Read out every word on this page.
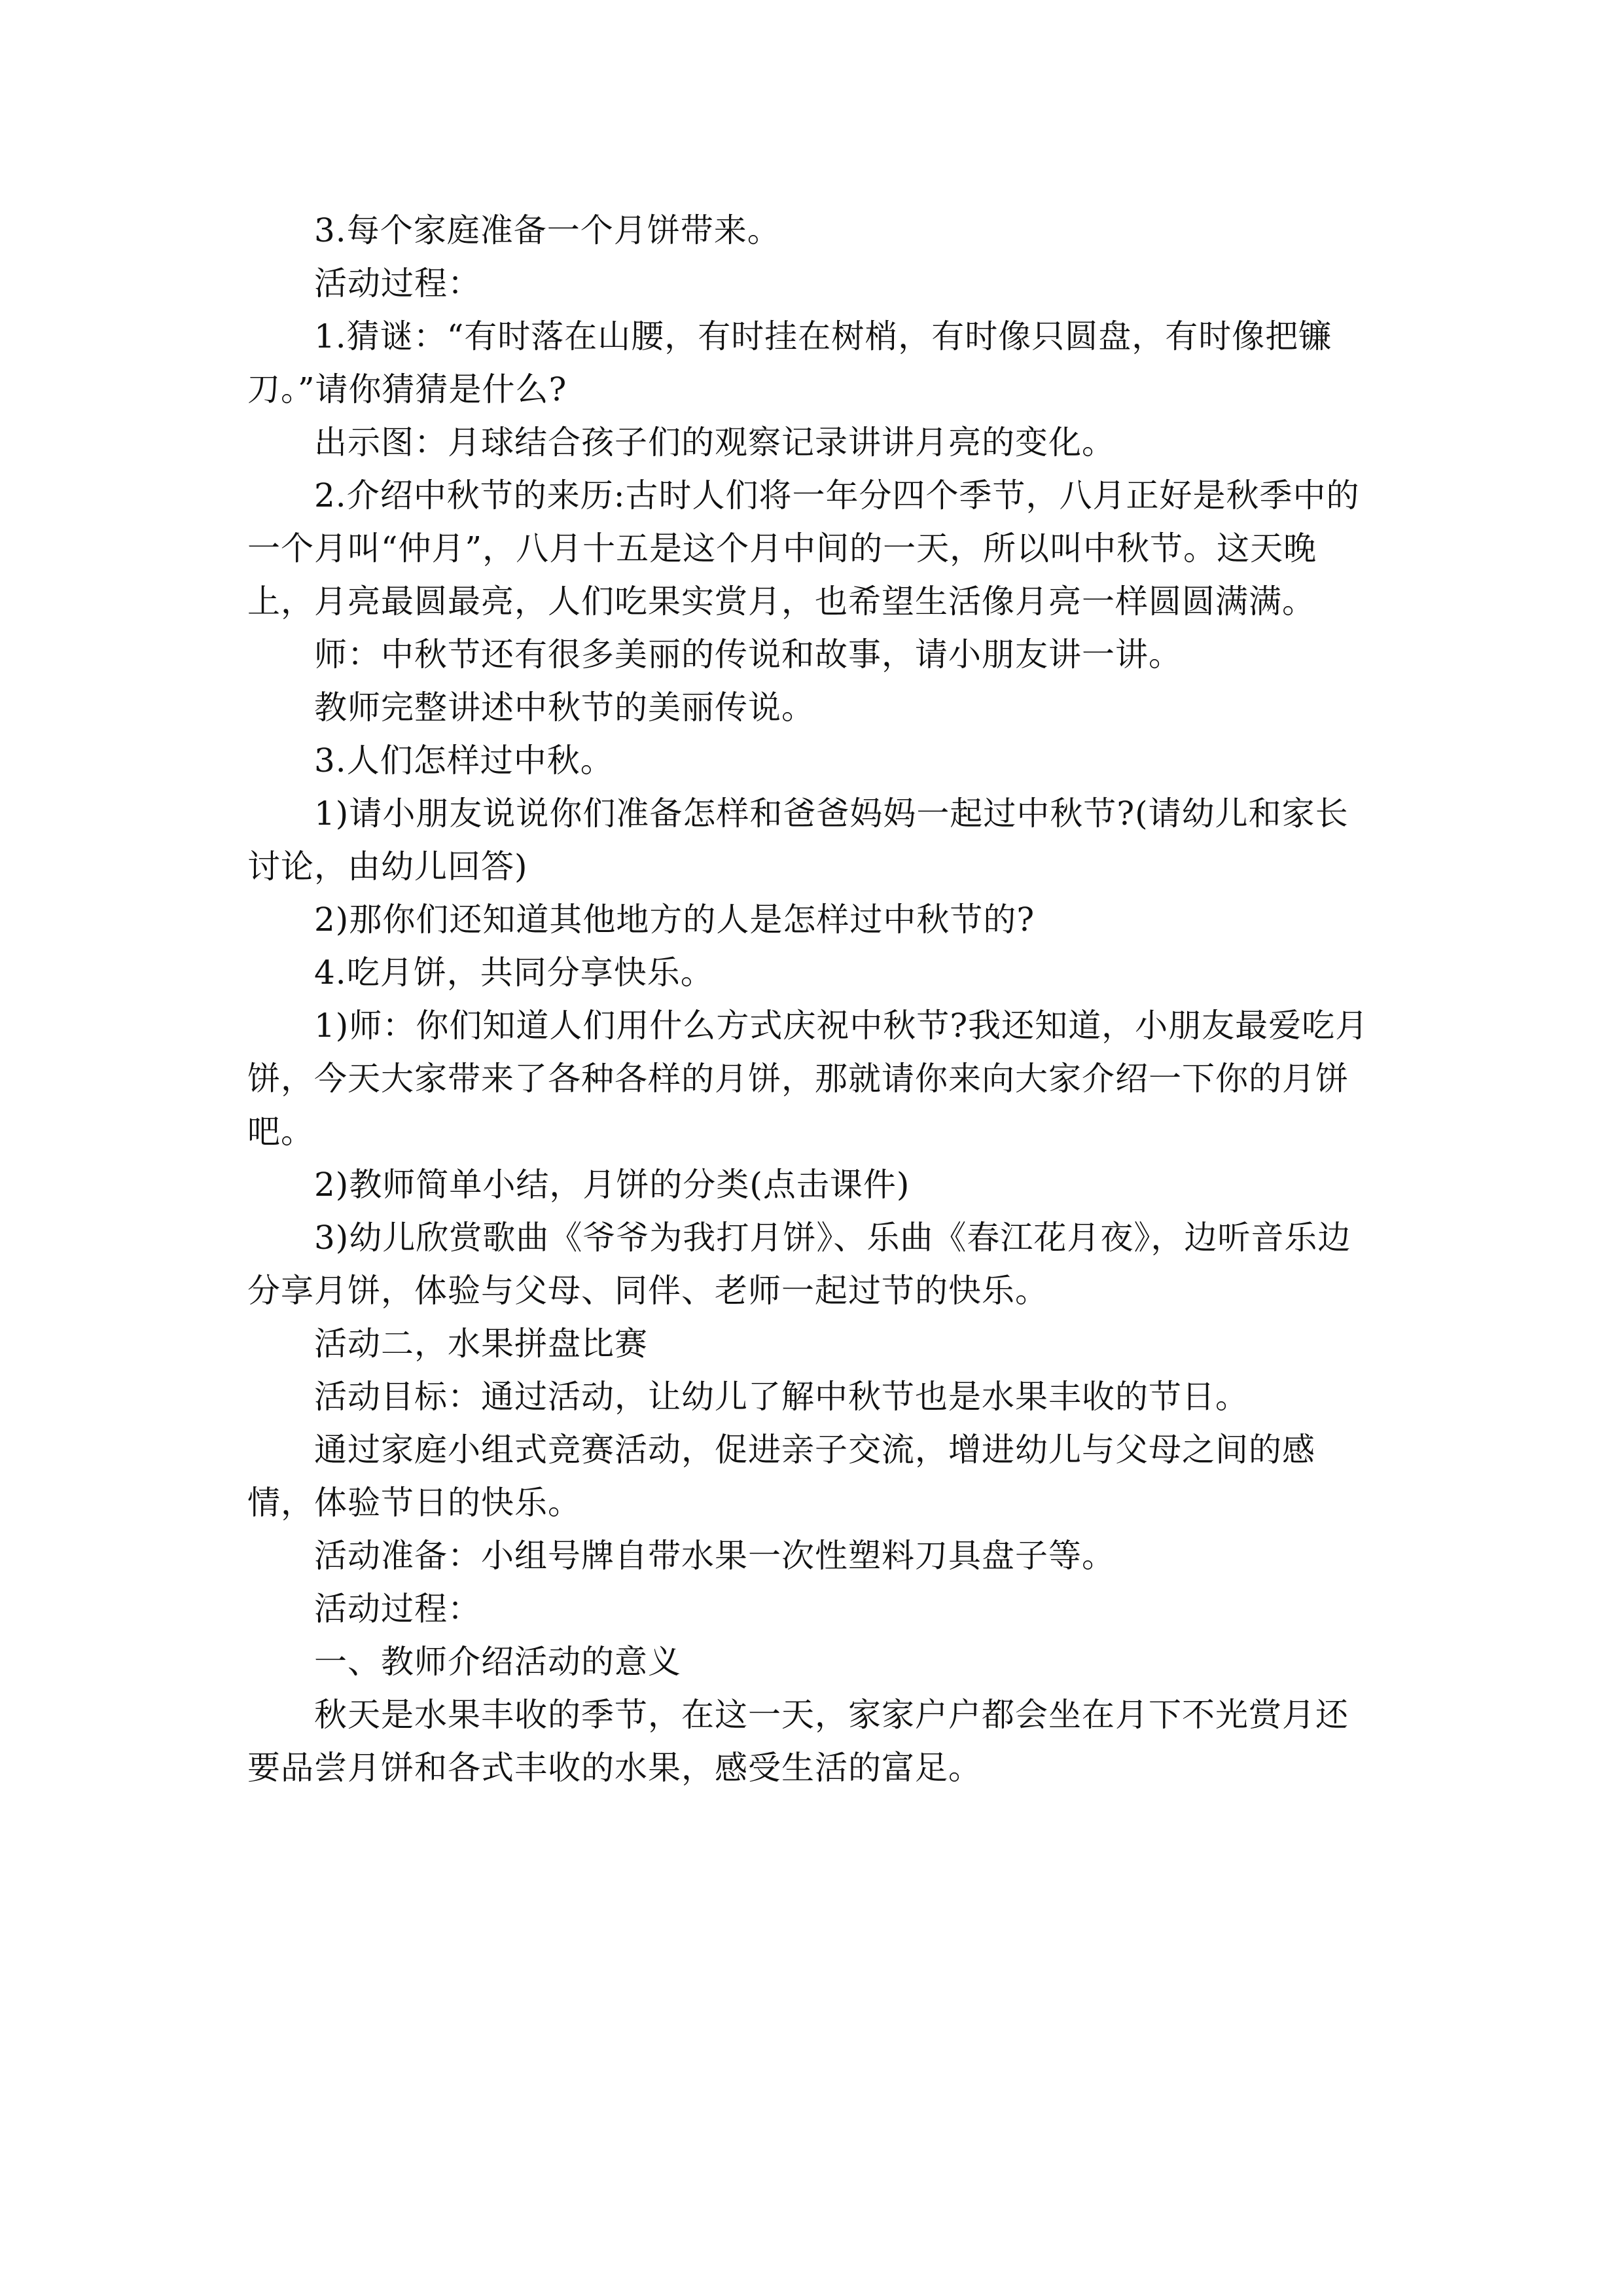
3.每个家庭准备一个月饼带来。

活动过程：

1.猜谜：“有时落在山腰，有时挂在树梢，有时像只圆盘，有时像把镰刀。”请你猜猜是什么?

出示图：月球结合孩子们的观察记录讲讲月亮的变化。

2.介绍中秋节的来历:古时人们将一年分四个季节，八月正好是秋季中的一个月叫“仲月”，八月十五是这个月中间的一天，所以叫中秋节。这天晚上，月亮最圆最亮，人们吃果实赏月，也希望生活像月亮一样圆圆满满。

师：中秋节还有很多美丽的传说和故事，请小朋友讲一讲。

教师完整讲述中秋节的美丽传说。

3.人们怎样过中秋。

1)请小朋友说说你们准备怎样和爸爸妈妈一起过中秋节?(请幼儿和家长讨论，由幼儿回答)

2)那你们还知道其他地方的人是怎样过中秋节的?

4.吃月饼，共同分享快乐。

1)师：你们知道人们用什么方式庆祝中秋节?我还知道，小朋友最爱吃月饼，今天大家带来了各种各样的月饼，那就请你来向大家介绍一下你的月饼吧。

2)教师简单小结，月饼的分类(点击课件)

3)幼儿欣赏歌曲《爷爷为我打月饼》、乐曲《春江花月夜》，边听音乐边分享月饼，体验与父母、同伴、老师一起过节的快乐。

活动二，水果拼盘比赛

活动目标：通过活动，让幼儿了解中秋节也是水果丰收的节日。

通过家庭小组式竞赛活动，促进亲子交流，增进幼儿与父母之间的感情，体验节日的快乐。

活动准备：小组号牌自带水果一次性塑料刀具盘子等。

活动过程：

一、教师介绍活动的意义

秋天是水果丰收的季节，在这一天，家家户户都会坐在月下不光赏月还要品尝月饼和各式丰收的水果，感受生活的富足。
